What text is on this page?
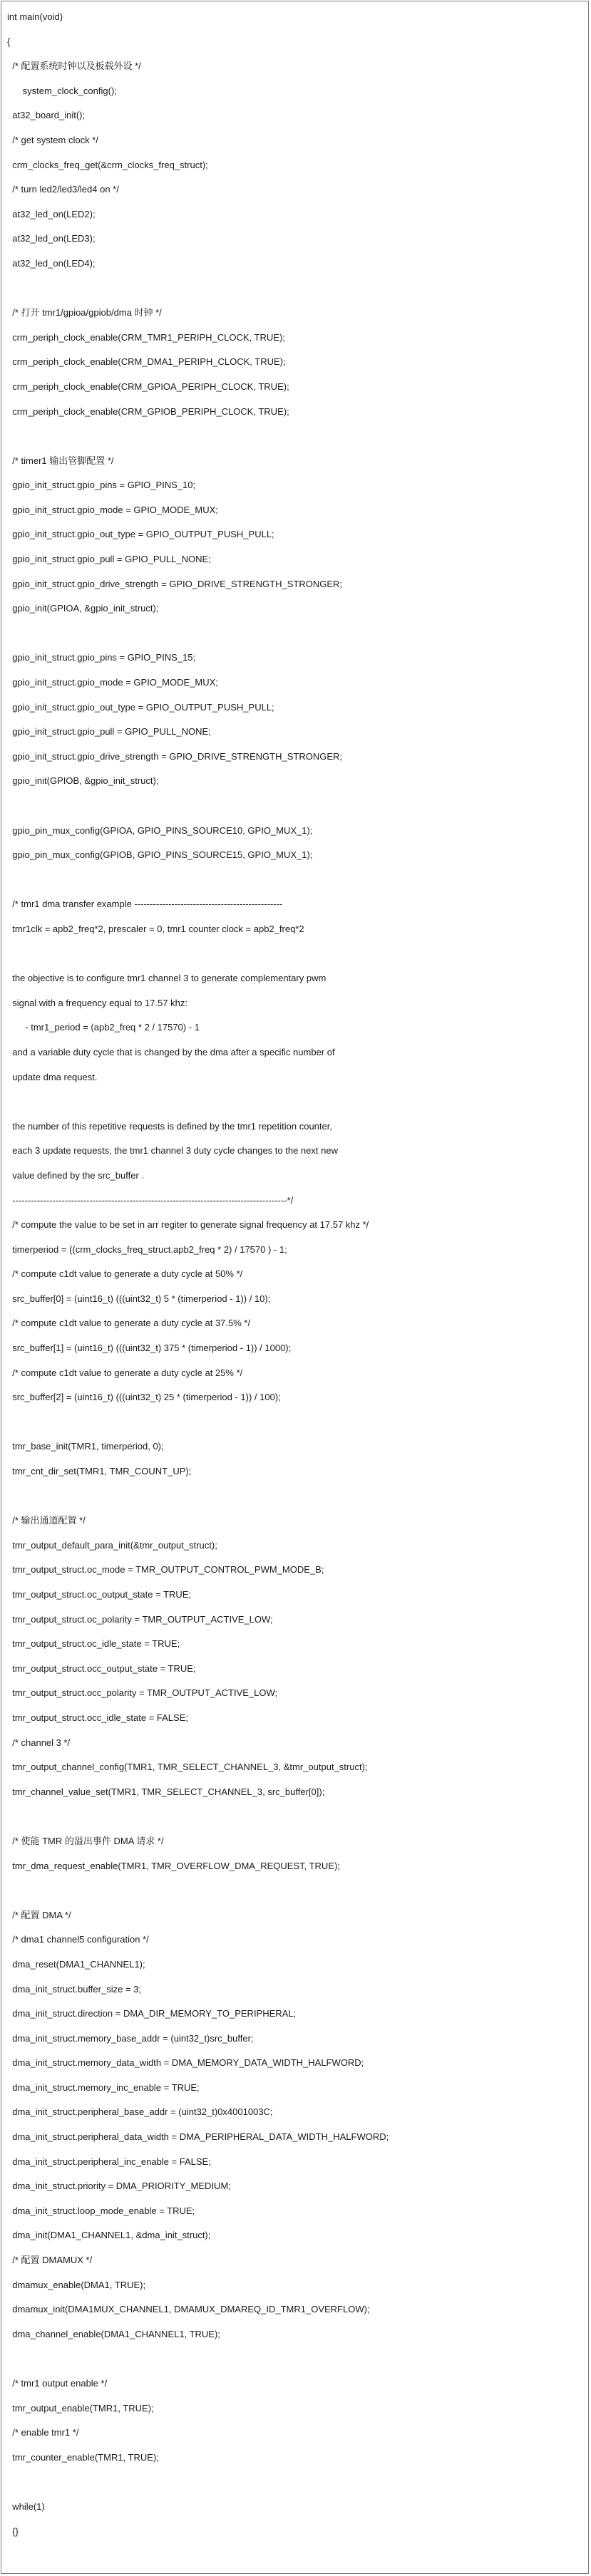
int main(void)
{
/* 配置系统时钟以及板载外设 */
system_clock_config();
at32_board_init();
/* get system clock */
crm_clocks_freq_get(&crm_clocks_freq_struct);
/* turn led2/led3/led4 on */
at32_led_on(LED2);
at32_led_on(LED3);
at32_led_on(LED4);
/* 打开 tmr1/gpioa/gpiob/dma 时钟 */
crm_periph_clock_enable(CRM_TMR1_PERIPH_CLOCK, TRUE);
crm_periph_clock_enable(CRM_DMA1_PERIPH_CLOCK, TRUE);
crm_periph_clock_enable(CRM_GPIOA_PERIPH_CLOCK, TRUE);
crm_periph_clock_enable(CRM_GPIOB_PERIPH_CLOCK, TRUE);
/* timer1 输出管脚配置 */
gpio_init_struct.gpio_pins = GPIO_PINS_10;
gpio_init_struct.gpio_mode = GPIO_MODE_MUX;
gpio_init_struct.gpio_out_type = GPIO_OUTPUT_PUSH_PULL;
gpio_init_struct.gpio_pull = GPIO_PULL_NONE;
gpio_init_struct.gpio_drive_strength = GPIO_DRIVE_STRENGTH_STRONGER;
gpio_init(GPIOA, &gpio_init_struct);
gpio_init_struct.gpio_pins = GPIO_PINS_15;
gpio_init_struct.gpio_mode = GPIO_MODE_MUX;
gpio_init_struct.gpio_out_type = GPIO_OUTPUT_PUSH_PULL;
gpio_init_struct.gpio_pull = GPIO_PULL_NONE;
gpio_init_struct.gpio_drive_strength = GPIO_DRIVE_STRENGTH_STRONGER;
gpio_init(GPIOB, &gpio_init_struct);
gpio_pin_mux_config(GPIOA, GPIO_PINS_SOURCE10, GPIO_MUX_1);
gpio_pin_mux_config(GPIOB, GPIO_PINS_SOURCE15, GPIO_MUX_1);
/* tmr1 dma transfer example ------------------------------------------------
tmr1clk = apb2_freq*2, prescaler = 0, tmr1 counter clock = apb2_freq*2
the objective is to configure tmr1 channel 3 to generate complementary pwm
signal with a frequency equal to 17.57 khz:
- tmr1_period = (apb2_freq * 2 / 17570) - 1
and a variable duty cycle that is changed by the dma after a specific number of
update dma request.
the number of this repetitive requests is defined by the tmr1 repetition counter,
each 3 update requests, the tmr1 channel 3 duty cycle changes to the next new
value defined by the src_buffer .
-----------------------------------------------------------------------------------------*/
/* compute the value to be set in arr regiter to generate signal frequency at 17.57 khz */
timerperiod = ((crm_clocks_freq_struct.apb2_freq * 2) / 17570 ) - 1;
/* compute c1dt value to generate a duty cycle at 50% */
src_buffer[0] = (uint16_t) (((uint32_t) 5 * (timerperiod - 1)) / 10);
/* compute c1dt value to generate a duty cycle at 37.5% */
src_buffer[1] = (uint16_t) (((uint32_t) 375 * (timerperiod - 1)) / 1000);
/* compute c1dt value to generate a duty cycle at 25% */
src_buffer[2] = (uint16_t) (((uint32_t) 25 * (timerperiod - 1)) / 100);
tmr_base_init(TMR1, timerperiod, 0);
tmr_cnt_dir_set(TMR1, TMR_COUNT_UP);
/* 输出通道配置 */
tmr_output_default_para_init(&tmr_output_struct);
tmr_output_struct.oc_mode = TMR_OUTPUT_CONTROL_PWM_MODE_B;
tmr_output_struct.oc_output_state = TRUE;
tmr_output_struct.oc_polarity = TMR_OUTPUT_ACTIVE_LOW;
tmr_output_struct.oc_idle_state = TRUE;
tmr_output_struct.occ_output_state = TRUE;
tmr_output_struct.occ_polarity = TMR_OUTPUT_ACTIVE_LOW;
tmr_output_struct.occ_idle_state = FALSE;
/* channel 3 */
tmr_output_channel_config(TMR1, TMR_SELECT_CHANNEL_3, &tmr_output_struct);
tmr_channel_value_set(TMR1, TMR_SELECT_CHANNEL_3, src_buffer[0]);
/* 使能 TMR 的溢出事件 DMA 请求 */
tmr_dma_request_enable(TMR1, TMR_OVERFLOW_DMA_REQUEST, TRUE);
/* 配置 DMA */
/* dma1 channel5 configuration */
dma_reset(DMA1_CHANNEL1);
dma_init_struct.buffer_size = 3;
dma_init_struct.direction = DMA_DIR_MEMORY_TO_PERIPHERAL;
dma_init_struct.memory_base_addr = (uint32_t)src_buffer;
dma_init_struct.memory_data_width = DMA_MEMORY_DATA_WIDTH_HALFWORD;
dma_init_struct.memory_inc_enable = TRUE;
dma_init_struct.peripheral_base_addr = (uint32_t)0x4001003C;
dma_init_struct.peripheral_data_width = DMA_PERIPHERAL_DATA_WIDTH_HALFWORD;
dma_init_struct.peripheral_inc_enable = FALSE;
dma_init_struct.priority = DMA_PRIORITY_MEDIUM;
dma_init_struct.loop_mode_enable = TRUE;
dma_init(DMA1_CHANNEL1, &dma_init_struct);
/* 配置 DMAMUX */
dmamux_enable(DMA1, TRUE);
dmamux_init(DMA1MUX_CHANNEL1, DMAMUX_DMAREQ_ID_TMR1_OVERFLOW);
dma_channel_enable(DMA1_CHANNEL1, TRUE);
/* tmr1 output enable */
tmr_output_enable(TMR1, TRUE);
/* enable tmr1 */
tmr_counter_enable(TMR1, TRUE);
while(1)
{}
